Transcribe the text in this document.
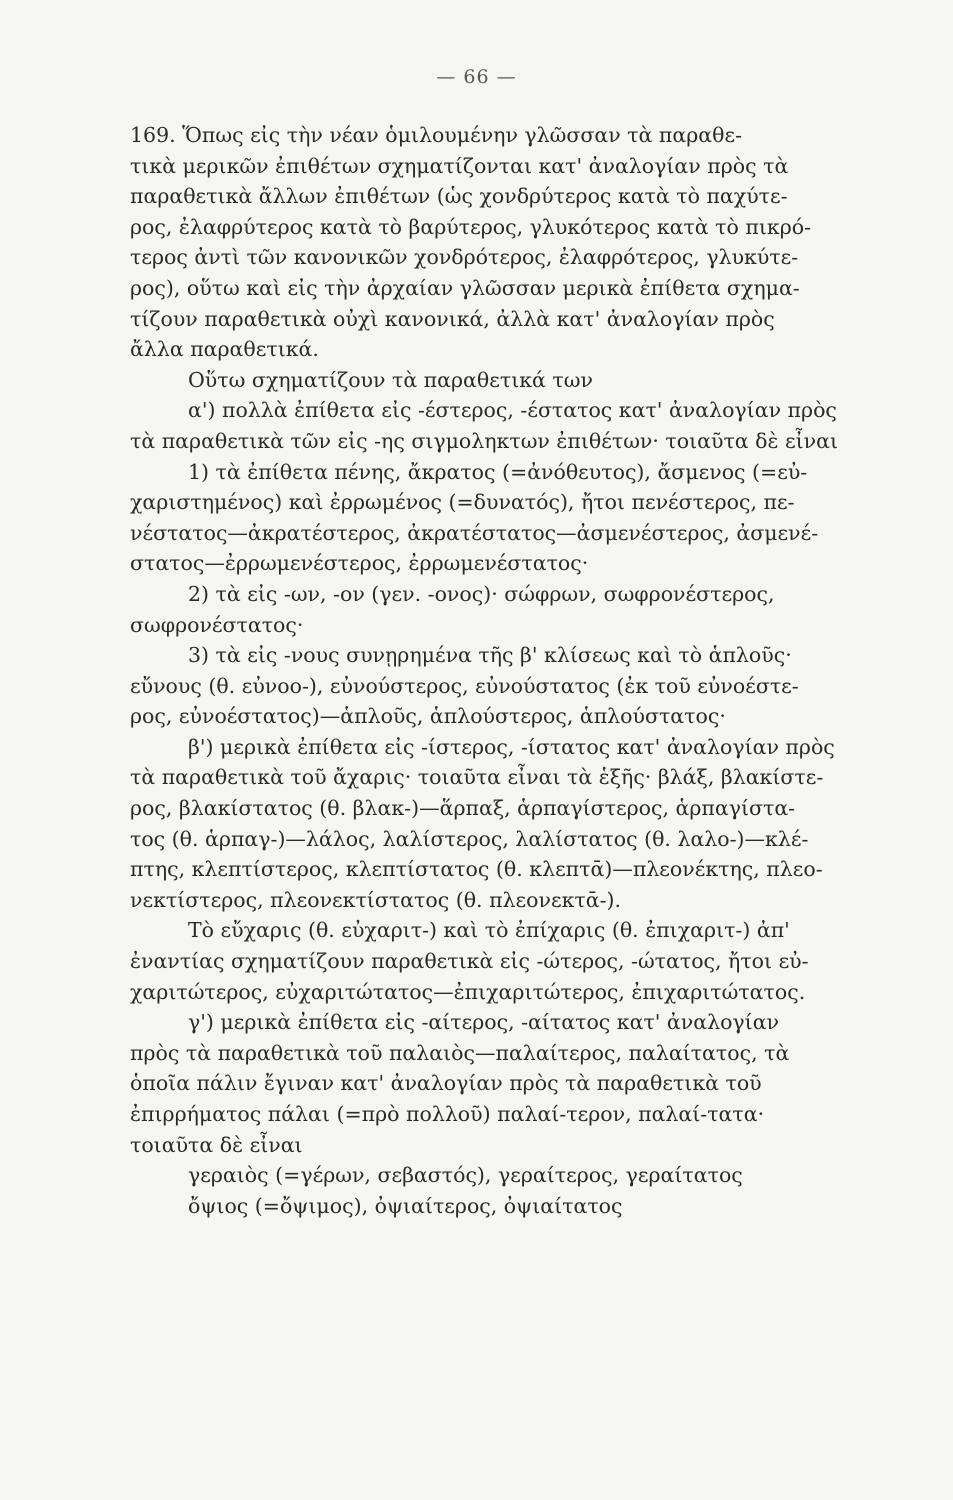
— 66 —
169. Ὅπως εἰς τὴν νέαν ὁμιλουμένην γλῶσσαν τὰ παραθε-
τικὰ μερικῶν ἐπιθέτων σχηματίζονται κατ' ἀναλογίαν πρὸς τὰ
παραθετικὰ ἄλλων ἐπιθέτων (ὡς χονδρύτερος κατὰ τὸ παχύτε-
ρος, ἐλαφρύτερος κατὰ τὸ βαρύτερος, γλυκότερος κατὰ τὸ πικρό-
τερος ἀντὶ τῶν κανονικῶν χονδρότερος, ἐλαφρότερος, γλυκύτε-
ρος), οὕτω καὶ εἰς τὴν ἀρχαίαν γλῶσσαν μερικὰ ἐπίθετα σχημα-
τίζουν παραθετικὰ οὐχὶ κανονικά, ἀλλὰ κατ' ἀναλογίαν πρὸς
ἄλλα παραθετικά.
Οὕτω σχηματίζουν τὰ παραθετικά των
α') πολλὰ ἐπίθετα εἰς -έστερος, -έστατος κατ' ἀναλογίαν πρὸς
τὰ παραθετικὰ τῶν εἰς -ης σιγμοληκτων ἐπιθέτων· τοιαῦτα δὲ εἶναι
1) τὰ ἐπίθετα πένης, ἄκρατος (=ἀνόθευτος), ἄσμενος (=εὐ-
χαριστημένος) καὶ ἐρρωμένος (=δυνατός), ἤτοι πενέστερος, πε-
νέστατος—ἀκρατέστερος, ἀκρατέστατος—ἀσμενέστερος, ἀσμενέ-
στατος—ἐρρωμενέστερος, ἐρρωμενέστατος·
2) τὰ εἰς -ων, -ον (γεν. -ονος)· σώφρων, σωφρονέστερος,
σωφρονέστατος·
3) τὰ εἰς -νους συνῃρημένα τῆς β' κλίσεως καὶ τὸ ἁπλοῦς·
εὔνους (θ. εὐνοο-), εὐνούστερος, εὐνούστατος (ἐκ τοῦ εὐνοέστε-
ρος, εὐνοέστατος)—ἁπλοῦς, ἁπλούστερος, ἁπλούστατος·
β') μερικὰ ἐπίθετα εἰς -ίστερος, -ίστατος κατ' ἀναλογίαν πρὸς
τὰ παραθετικὰ τοῦ ἄχαρις· τοιαῦτα εἶναι τὰ ἑξῆς· βλάξ, βλακίστε-
ρος, βλακίστατος (θ. βλακ-)—ἅρπαξ, ἁρπαγίστερος, ἁρπαγίστα-
τος (θ. ἁρπαγ-)—λάλος, λαλίστερος, λαλίστατος (θ. λαλο-)—κλέ-
πτης, κλεπτίστερος, κλεπτίστατος (θ. κλεπτᾱ)—πλεονέκτης, πλεο-
νεκτίστερος, πλεονεκτίστατος (θ. πλεονεκτᾱ-).
Τὸ εὔχαρις (θ. εὐχαριτ-) καὶ τὸ ἐπίχαρις (θ. ἐπιχαριτ-) ἀπ'
ἐναντίας σχηματίζουν παραθετικὰ εἰς -ώτερος, -ώτατος, ἤτοι εὐ-
χαριτώτερος, εὐχαριτώτατος—ἐπιχαριτώτερος, ἐπιχαριτώτατος.
γ') μερικὰ ἐπίθετα εἰς -αίτερος, -αίτατος κατ' ἀναλογίαν
πρὸς τὰ παραθετικὰ τοῦ παλαιὸς—παλαίτερος, παλαίτατος, τὰ
ὁποῖα πάλιν ἔγιναν κατ' ἀναλογίαν πρὸς τὰ παραθετικὰ τοῦ
ἐπιρρήματος πάλαι (=πρὸ πολλοῦ) παλαί-τερον, παλαί-τατα·
τοιαῦτα δὲ εἶναι
γεραιὸς (=γέρων, σεβαστός), γεραίτερος, γεραίτατος
ὄψιος (=ὄψιμος), ὀψιαίτερος, ὀψιαίτατος
